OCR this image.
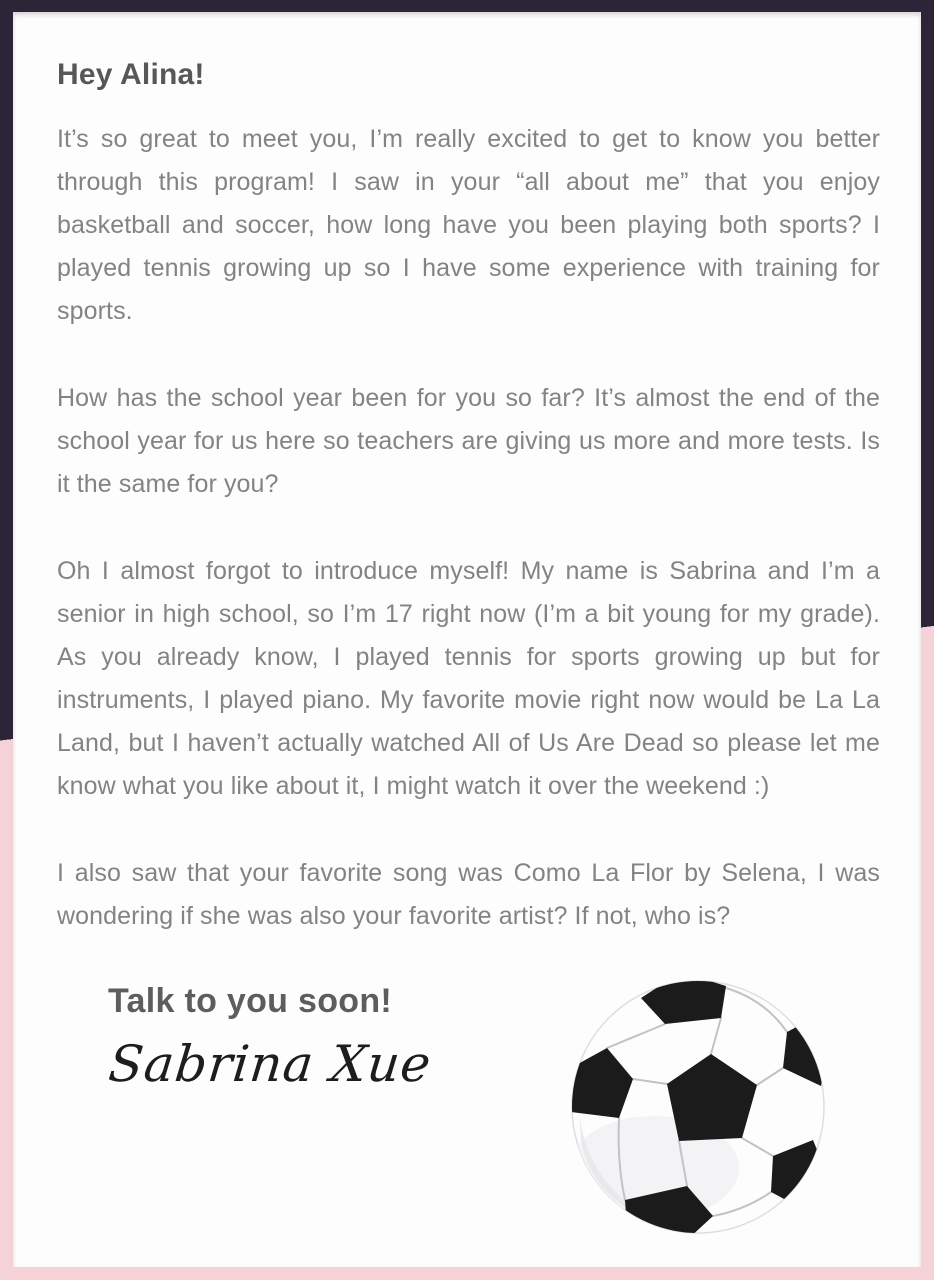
Hey Alina!

It’s so great to meet you, I’m really excited to get to know you better through this program! I saw in your “all about me” that you enjoy basketball and soccer, how long have you been playing both sports? I played tennis growing up so I have some experience with training for sports.

How has the school year been for you so far? It’s almost the end of the school year for us here so teachers are giving us more and more tests. Is it the same for you?

Oh I almost forgot to introduce myself! My name is Sabrina and I’m a senior in high school, so I’m 17 right now (I’m a bit young for my grade). As you already know, I played tennis for sports growing up but for instruments, I played piano. My favorite movie right now would be La La Land, but I haven’t actually watched All of Us Are Dead so please let me know what you like about it, I might watch it over the weekend :)

I also saw that your favorite song was Como La Flor by Selena, I was wondering if she was also your favorite artist? If not, who is?

Talk to you soon!
Sabrina Xue
